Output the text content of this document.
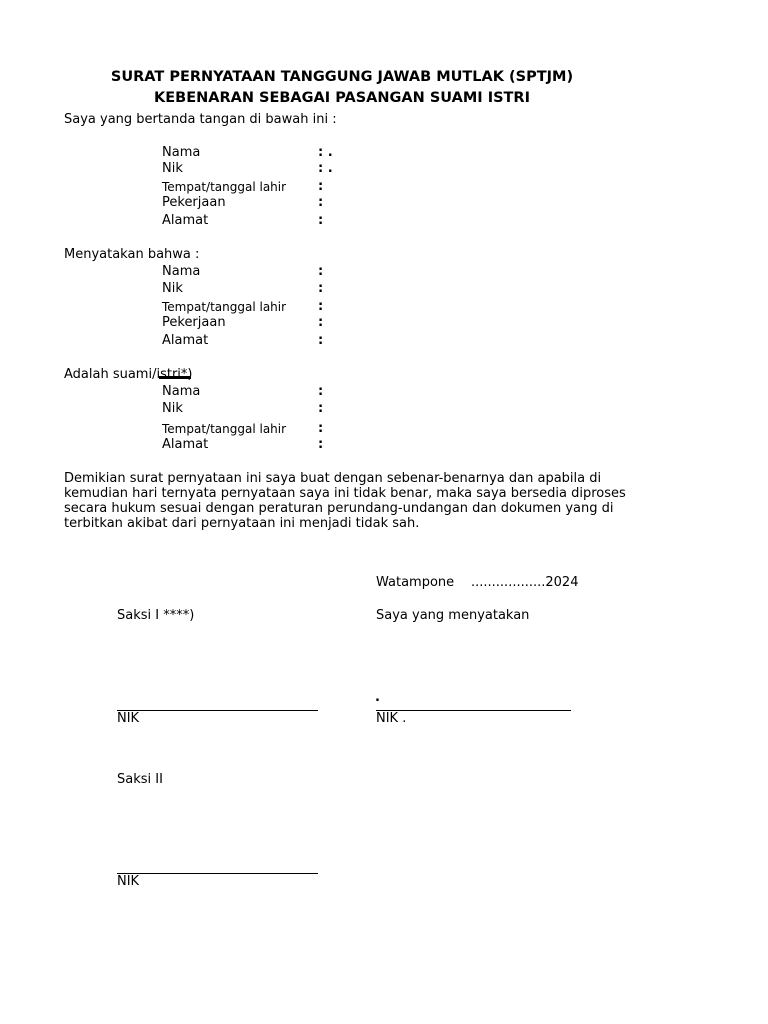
SURAT PERNYATAAN TANGGUNG JAWAB MUTLAK (SPTJM)
KEBENARAN SEBAGAI PASANGAN SUAMI ISTRI
Saya yang bertanda tangan di bawah ini :
Nama	: .
Nik	: .
Tempat/tanggal lahir :
Pekerjaan	:
Alamat	:
Menyatakan bahwa :
Nama	:
Nik	:
Tempat/tanggal lahir :
Pekerjaan	:
Alamat	:
Adalah suami/istri*)
Nama	:
Nik	:
Tempat/tanggal lahir :
Alamat	:
Demikian surat pernyataan ini saya buat dengan sebenar-benarnya dan apabila di kemudian hari ternyata pernyataan saya ini tidak benar, maka saya bersedia diproses secara hukum sesuai dengan peraturan perundang-undangan dan dokumen yang di terbitkan akibat dari pernyataan ini menjadi tidak sah.
Watampone ..................2024
Saksi I ****)	Saya yang menyatakan
.
NIK	NIK .
Saksi II
NIK
